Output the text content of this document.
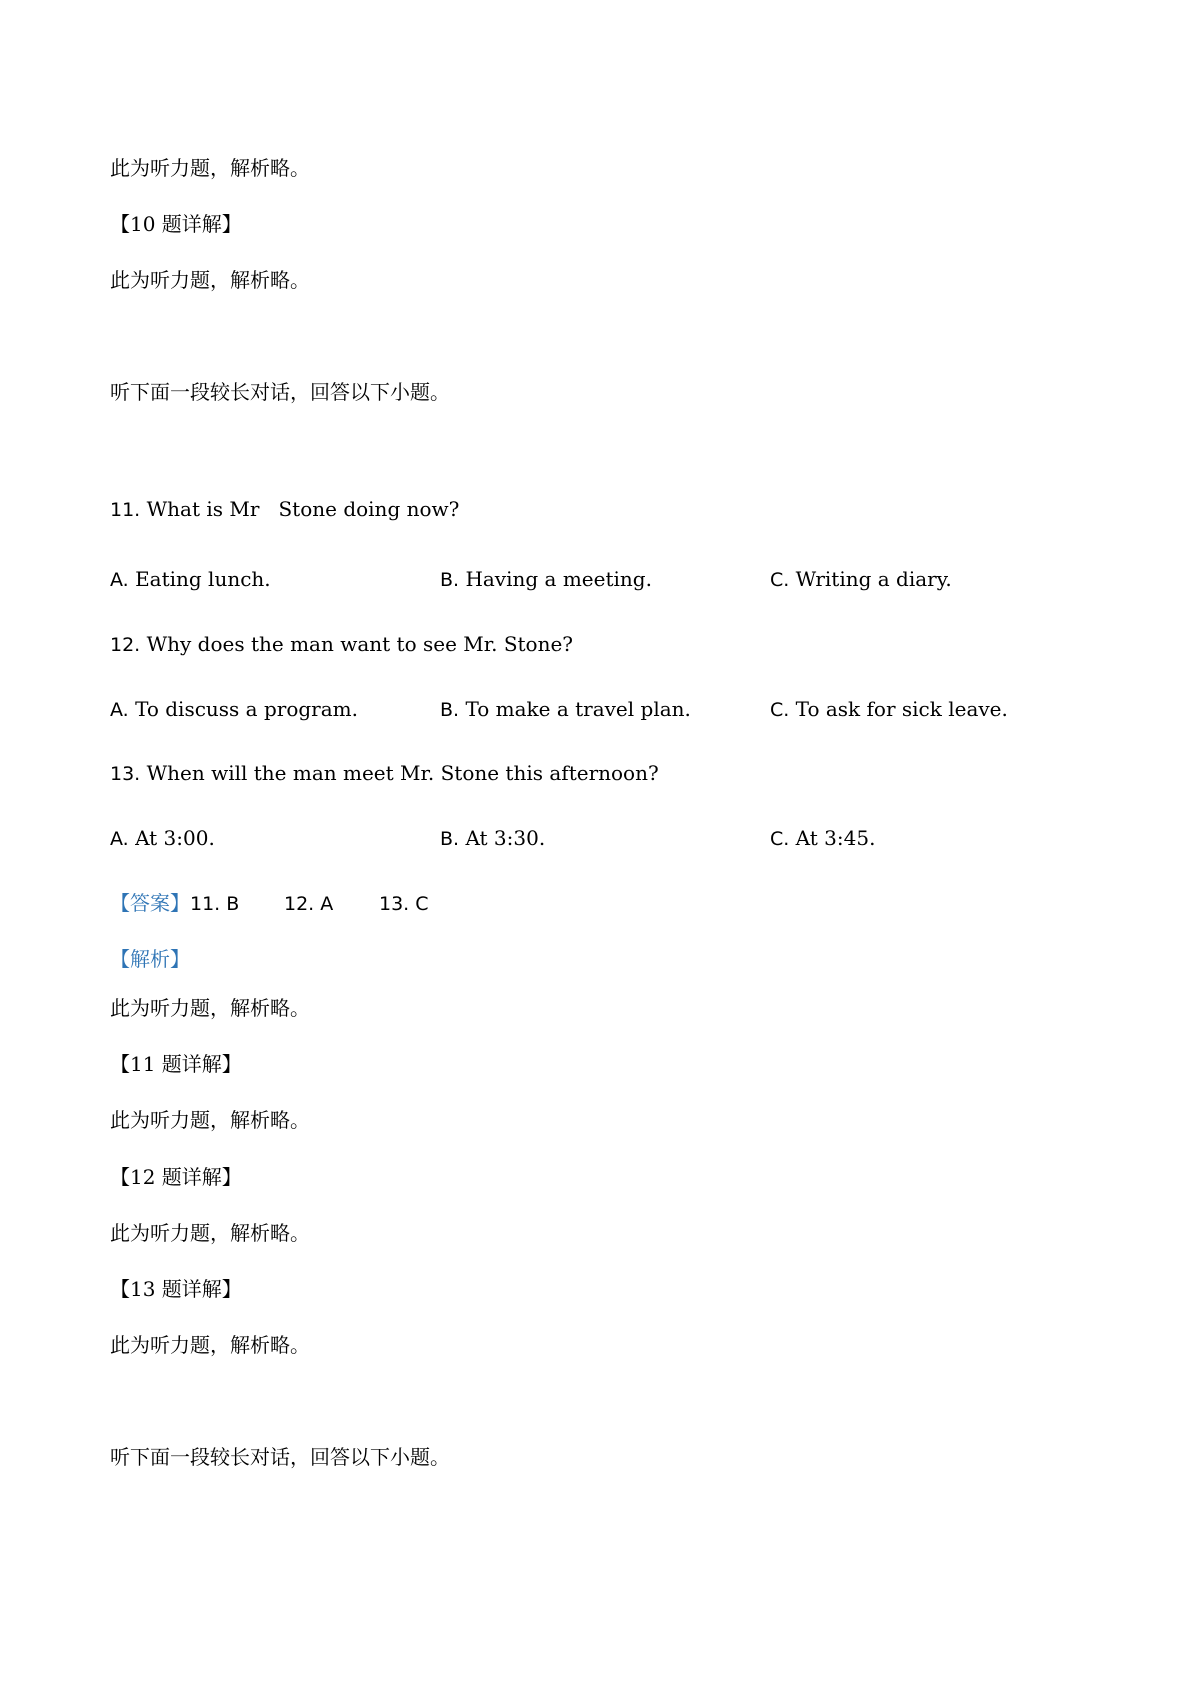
此为听力题，解析略。
【10 题详解】
此为听力题，解析略。
听下面一段较长对话，回答以下小题。
11. What is Mr   Stone doing now?
A. Eating lunch.	B. Having a meeting.	C. Writing a diary.
12. Why does the man want to see Mr. Stone?
A. To discuss a program.	B. To make a travel plan.	C. To ask for sick leave.
13. When will the man meet Mr. Stone this afternoon?
A. At 3:00.	B. At 3:30.	C. At 3:45.
【答案】11. B 12. A 13. C
【解析】
此为听力题，解析略。
【11 题详解】
此为听力题，解析略。
【12 题详解】
此为听力题，解析略。
【13 题详解】
此为听力题，解析略。
听下面一段较长对话，回答以下小题。
